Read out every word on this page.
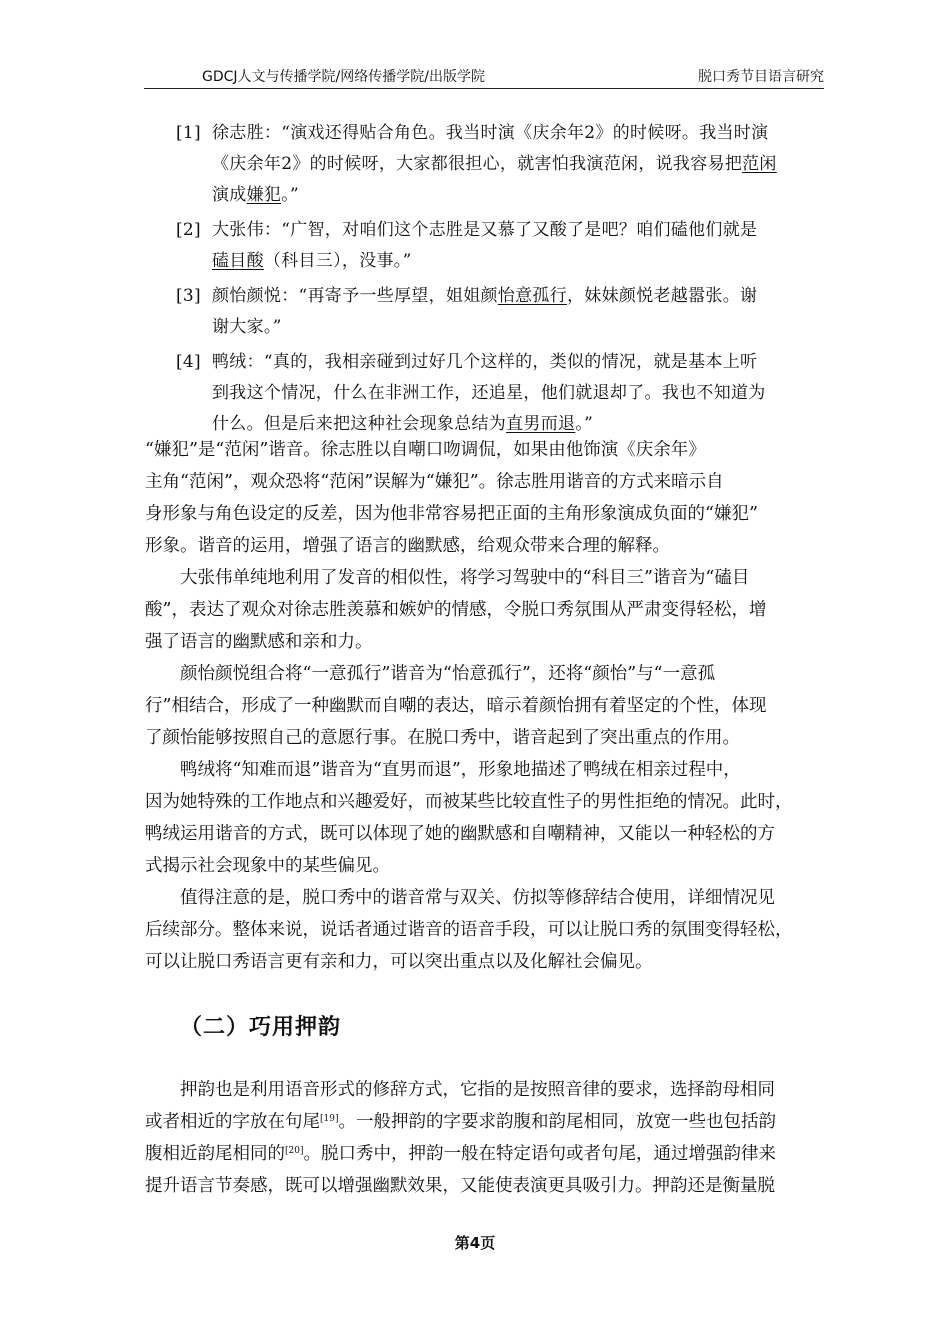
GDCJ人文与传播学院/网络传播学院/出版学院	脱口秀节目语言研究
[1] 徐志胜：“演戏还得贴合角色。我当时演《庆余年2》的时候呀。我当时演
《庆余年2》的时候呀，大家都很担心，就害怕我演范闲，说我容易把范闲
演成嫌犯。”
[2] 大张伟：“广智，对咱们这个志胜是又慕了又酸了是吧？咱们磕他们就是
磕目酸（科目三），没事。”
[3] 颜怡颜悦：“再寄予一些厚望，姐姐颜怡意孤行，妹妹颜悦老越嚣张。谢
谢大家。”
[4] 鸭绒：“真的，我相亲碰到过好几个这样的，类似的情况，就是基本上听
到我这个情况，什么在非洲工作，还追星，他们就退却了。我也不知道为
什么。但是后来把这种社会现象总结为直男而退。”
“嫌犯”是“范闲”谐音。徐志胜以自嘲口吻调侃，如果由他饰演《庆余年》
主角“范闲”，观众恐将“范闲”误解为“嫌犯”。徐志胜用谐音的方式来暗示自
身形象与角色设定的反差，因为他非常容易把正面的主角形象演成负面的“嫌犯”
形象。谐音的运用，增强了语言的幽默感，给观众带来合理的解释。
大张伟单纯地利用了发音的相似性，将学习驾驶中的“科目三”谐音为“磕目
酸”，表达了观众对徐志胜羡慕和嫉妒的情感，令脱口秀氛围从严肃变得轻松，增
强了语言的幽默感和亲和力。
颜怡颜悦组合将“一意孤行”谐音为“怡意孤行”，还将“颜怡”与“一意孤
行”相结合，形成了一种幽默而自嘲的表达，暗示着颜怡拥有着坚定的个性，体现
了颜怡能够按照自己的意愿行事。在脱口秀中，谐音起到了突出重点的作用。
鸭绒将“知难而退”谐音为“直男而退”，形象地描述了鸭绒在相亲过程中，
因为她特殊的工作地点和兴趣爱好，而被某些比较直性子的男性拒绝的情况。此时，
鸭绒运用谐音的方式，既可以体现了她的幽默感和自嘲精神，又能以一种轻松的方
式揭示社会现象中的某些偏见。
值得注意的是，脱口秀中的谐音常与双关、仿拟等修辞结合使用，详细情况见
后续部分。整体来说，说话者通过谐音的语音手段，可以让脱口秀的氛围变得轻松，
可以让脱口秀语言更有亲和力，可以突出重点以及化解社会偏见。
（二）巧用押韵
押韵也是利用语音形式的修辞方式，它指的是按照音律的要求，选择韵母相同
或者相近的字放在句尾[19]。一般押韵的字要求韵腹和韵尾相同，放宽一些也包括韵
腹相近韵尾相同的[20]。脱口秀中，押韵一般在特定语句或者句尾，通过增强韵律来
提升语言节奏感，既可以增强幽默效果，又能使表演更具吸引力。押韵还是衡量脱
第4页
